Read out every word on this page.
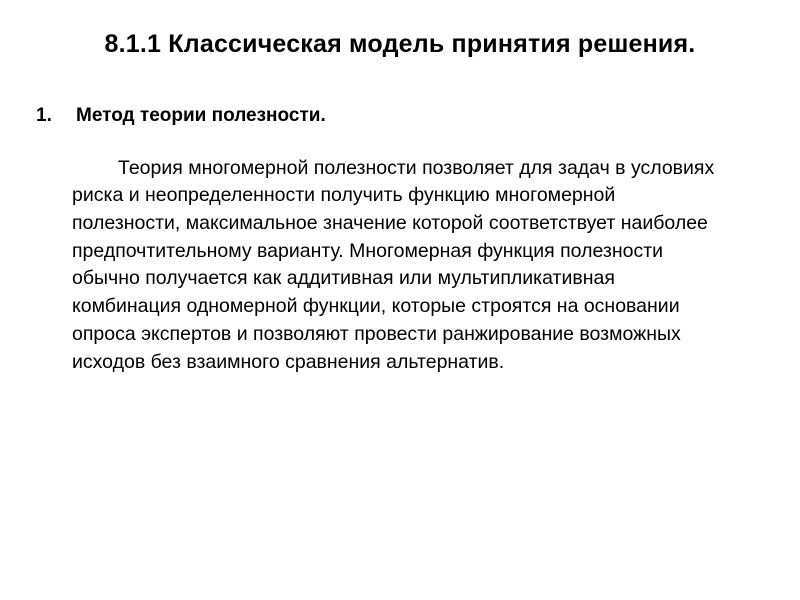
8.1.1 Классическая модель принятия решения.
1.	Метод теории полезности.
Теория многомерной полезности позволяет для задач в условиях риска и неопределенности получить функцию многомерной полезности, максимальное значение которой соответствует наиболее предпочтительному варианту. Многомерная функция полезности обычно получается как аддитивная или мультипликативная комбинация одномерной функции, которые строятся на основании опроса экспертов и позволяют провести ранжирование возможных исходов без взаимного сравнения альтернатив.
